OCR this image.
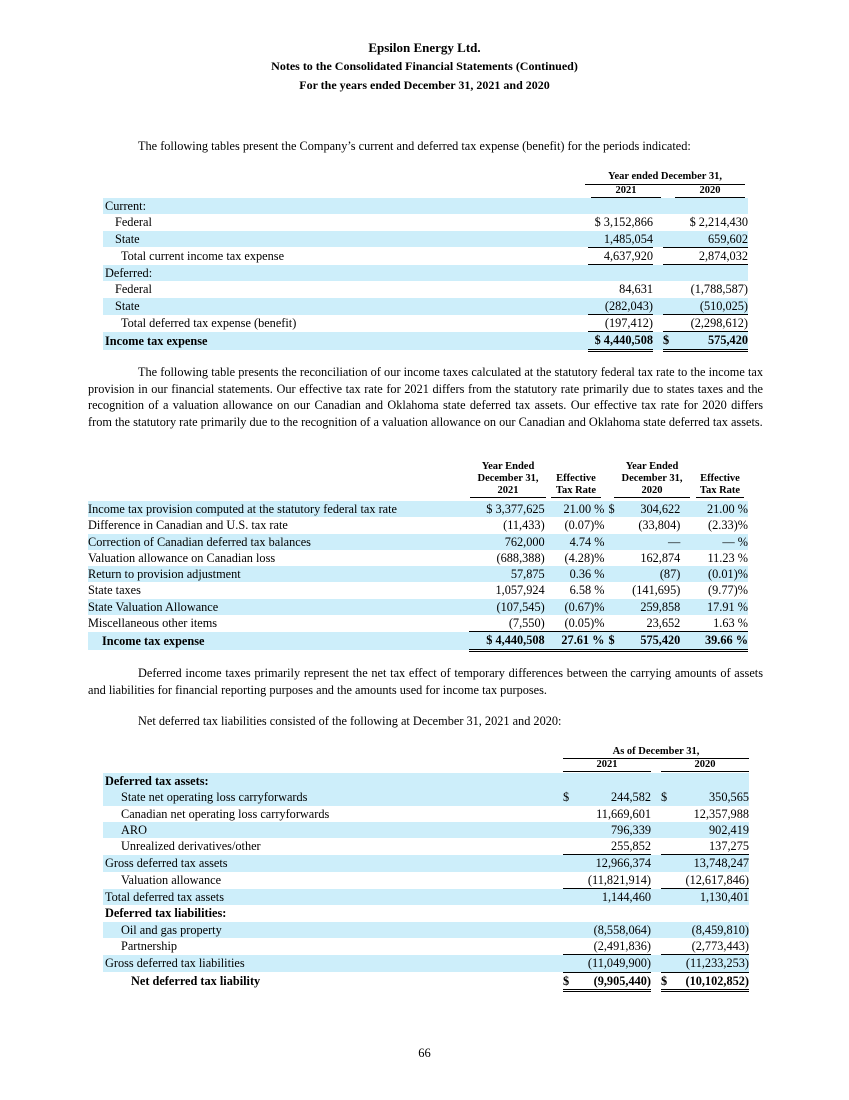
Epsilon Energy Ltd.
Notes to the Consolidated Financial Statements (Continued)
For the years ended December 31, 2021 and 2020
The following tables present the Company’s current and deferred tax expense (benefit) for the periods indicated:
Year ended December 31,
2021	2020
Current:					
Federal		$ 3,152,866		$ 2,214,430	
State		1,485,054		659,602	
Total current income tax expense		4,637,920		2,874,032	
Deferred:					
Federal		84,631		(1,788,587)	
State		(282,043)		(510,025)	
Total deferred tax expense (benefit)		(197,412)		(2,298,612)	
Income tax expense		$ 4,440,508		$	575,420
The following table presents the reconciliation of our income taxes calculated at the statutory federal tax rate to the income tax provision in our financial statements. Our effective tax rate for 2021 differs from the statutory rate primarily due to states taxes and the recognition of a valuation allowance on our Canadian and Oklahoma state deferred tax assets. Our effective tax rate for 2020 differs from the statutory rate primarily due to the recognition of a valuation allowance on our Canadian and Oklahoma state deferred tax assets.
Year Ended
December 31,
2021
Effective
Tax Rate
Year Ended
December 31,
2020
Effective
Tax Rate
Income tax provision computed at the statutory federal tax rate	$ 3,377,625	21.00 %	$	304,622	21.00 %
Difference in Canadian and U.S. tax rate	(11,433)	(0.07)%		(33,804)	(2.33)%
Correction of Canadian deferred tax balances	762,000	4.74 %		—	— %
Valuation allowance on Canadian loss	(688,388)	(4.28)%		162,874	11.23 %
Return to provision adjustment	57,875	0.36 %		(87)	(0.01)%
State taxes	1,057,924	6.58 %		(141,695)	(9.77)%
State Valuation Allowance	(107,545)	(0.67)%		259,858	17.91 %
Miscellaneous other items	(7,550)	(0.05)%		23,652	1.63 %
Income tax expense	$ 4,440,508	27.61 %	$	575,420	39.66 %
Deferred income taxes primarily represent the net tax effect of temporary differences between the carrying amounts of assets and liabilities for financial reporting purposes and the amounts used for income tax purposes.
Net deferred tax liabilities consisted of the following at December 31, 2021 and 2020:
As of December 31,
2021	2020
Deferred tax assets:					
State net operating loss carryforwards	$	244,582		$	350,565
Canadian net operating loss carryforwards		11,669,601			12,357,988
ARO		796,339			902,419
Unrealized derivatives/other		255,852			137,275
Gross deferred tax assets		12,966,374			13,748,247
Valuation allowance		(11,821,914)			(12,617,846)
Total deferred tax assets		1,144,460			1,130,401
Deferred tax liabilities:					
Oil and gas property		(8,558,064)			(8,459,810)
Partnership		(2,491,836)			(2,773,443)
Gross deferred tax liabilities		(11,049,900)			(11,233,253)
Net deferred tax liability	$	(9,905,440)		$	(10,102,852)
66
